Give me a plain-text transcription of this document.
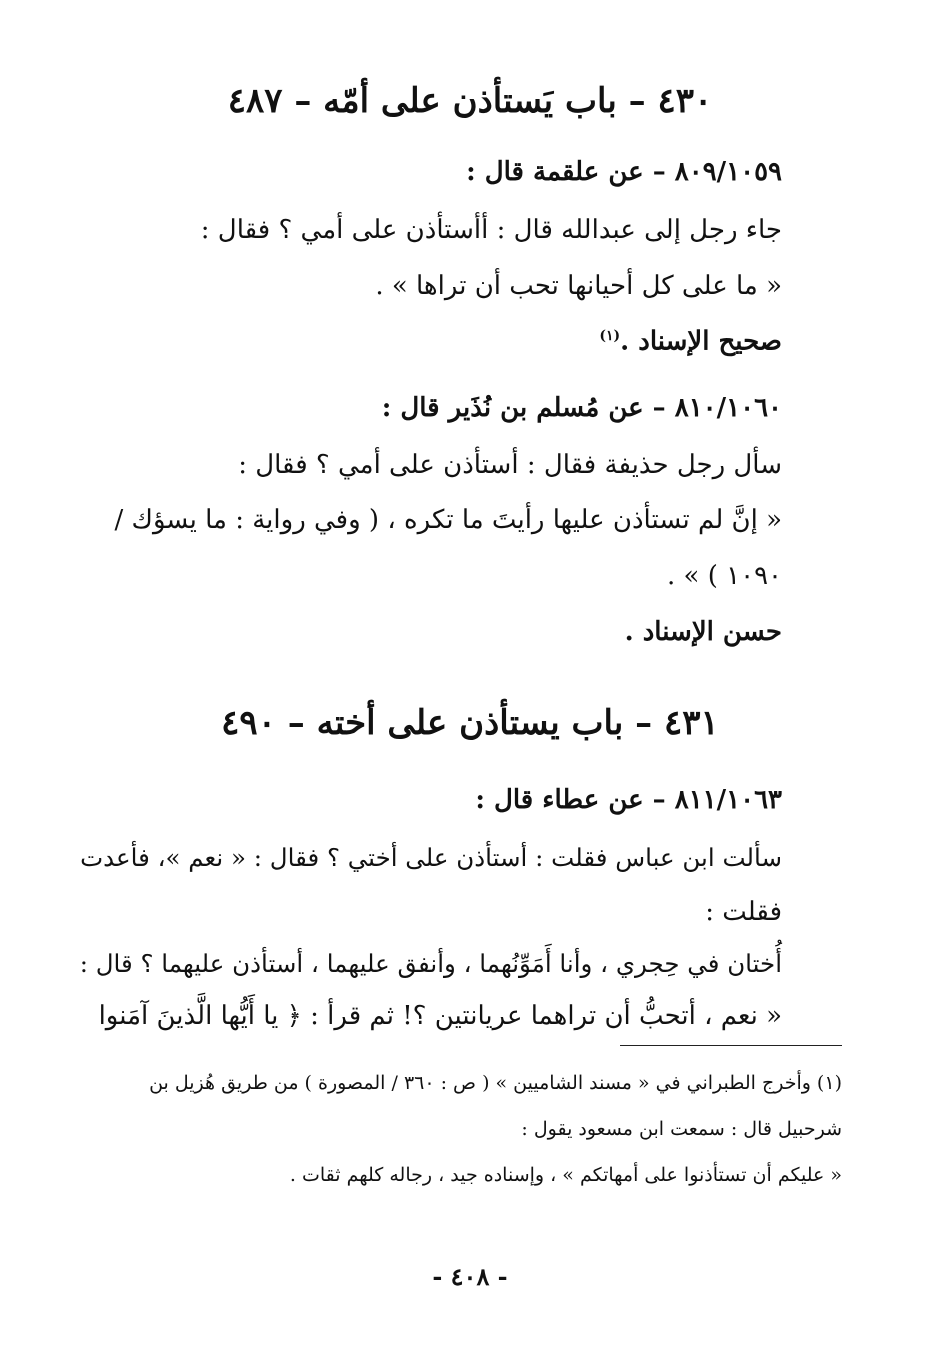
٤٣٠ – باب يَستأذن على أمّه – ٤٨٧
٨٠٩/١٠٥٩ – عن علقمة قال :
جاء رجل إلى عبدالله قال : أأستأذن على أمي ؟ فقال :
« ما على كل أحيانها تحب أن تراها » .
صحيح الإسناد .$^{(١)}$
٨١٠/١٠٦٠ – عن مُسلم بن نُذَير قال :
سأل رجل حذيفة فقال : أستأذن على أمي ؟ فقال :
« إنَّ لم تستأذن عليها رأيتَ ما تكره ، ( وفي رواية : ما يسؤك /
١٠٩٠ ) » .
حسن الإسناد .
٤٣١ – باب يستأذن على أخته – ٤٩٠
٨١١/١٠٦٣ – عن عطاء قال :
سألت ابن عباس فقلت : أستأذن على أختي ؟ فقال : « نعم »، فأعدت
فقلت :
أُختان في حِجري ، وأنا أَمَوِّنُهما ، وأنفق عليهما ، أستأذن عليهما ؟ قال :
« نعم ، أتحبُّ أن تراهما عريانتين ؟! ثم قرأ : ﴿ يا أَيُّها الَّذينَ آمَنوا
(١) وأخرج الطبراني في « مسند الشاميين » ( ص : ٣٦٠ / المصورة ) من طريق هُزيل بن
شرحبيل قال : سمعت ابن مسعود يقول :
« عليكم أن تستأذنوا على أمهاتكم » ، وإسناده جيد ، رجاله كلهم ثقات .
- ٤٠٨ -
